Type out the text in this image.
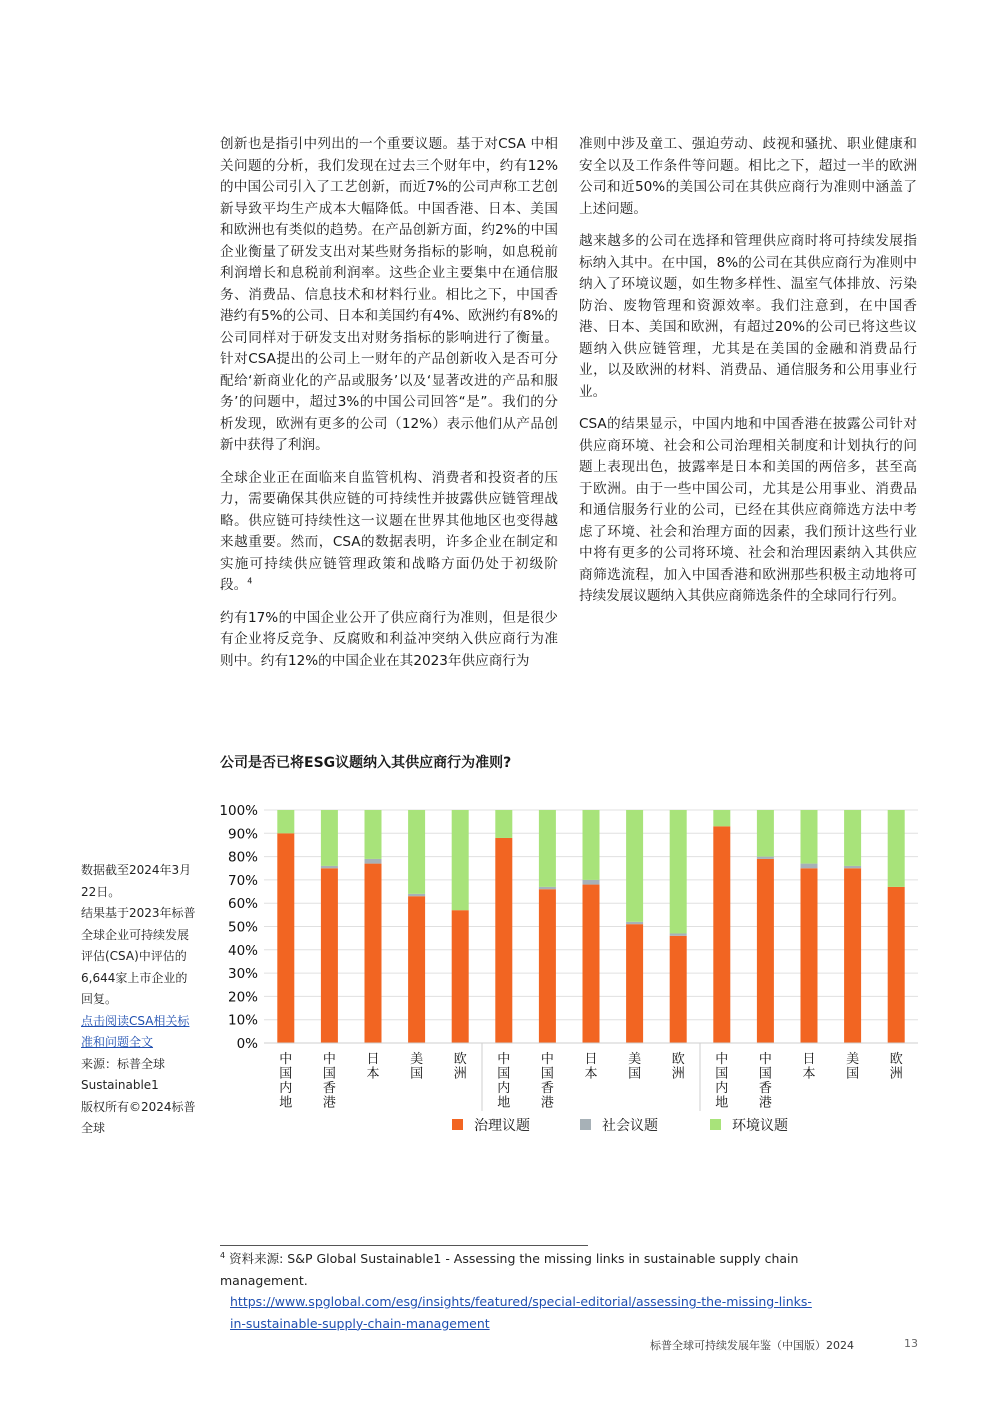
创新也是指引中列出的一个重要议题。基于对CSA 中相关问题的分析，我们发现在过去三个财年中，约有12%的中国公司引入了工艺创新，而近7%的公司声称工艺创新导致平均生产成本大幅降低。中国香港、日本、美国和欧洲也有类似的趋势。在产品创新方面，约2%的中国企业衡量了研发支出对某些财务指标的影响，如息税前利润增长和息税前利润率。这些企业主要集中在通信服务、消费品、信息技术和材料行业。相比之下，中国香港约有5%的公司、日本和美国约有4%、欧洲约有8%的公司同样对于研发支出对财务指标的影响进行了衡量。针对CSA提出的公司上一财年的产品创新收入是否可分配给‘新商业化的产品或服务’以及‘显著改进的产品和服务’的问题中，超过3%的中国公司回答“是”。我们的分析发现，欧洲有更多的公司（12%）表示他们从产品创新中获得了利润。

全球企业正在面临来自监管机构、消费者和投资者的压力，需要确保其供应链的可持续性并披露供应链管理战略。供应链可持续性这一议题在世界其他地区也变得越来越重要。然而，CSA的数据表明，许多企业在制定和实施可持续供应链管理政策和战略方面仍处于初级阶段。$^4$

约有17%的中国企业公开了供应商行为准则，但是很少有企业将反竞争、反腐败和利益冲突纳入供应商行为准则中。约有12%的中国企业在其2023年供应商行为

准则中涉及童工、强迫劳动、歧视和骚扰、职业健康和安全以及工作条件等问题。相比之下，超过一半的欧洲公司和近50%的美国公司在其供应商行为准则中涵盖了上述问题。

越来越多的公司在选择和管理供应商时将可持续发展指标纳入其中。在中国，8%的公司在其供应商行为准则中纳入了环境议题，如生物多样性、温室气体排放、污染防治、废物管理和资源效率。我们注意到，在中国香港、日本、美国和欧洲，有超过20%的公司已将这些议题纳入供应链管理，尤其是在美国的金融和消费品行业，以及欧洲的材料、消费品、通信服务和公用事业行业。

CSA的结果显示，中国内地和中国香港在披露公司针对供应商环境、社会和公司治理相关制度和计划执行的问题上表现出色，披露率是日本和美国的两倍多，甚至高于欧洲。由于一些中国公司，尤其是公用事业、消费品和通信服务行业的公司，已经在其供应商筛选方法中考虑了环境、社会和治理方面的因素，我们预计这些行业中将有更多的公司将环境、社会和治理因素纳入其供应商筛选流程，加入中国香港和欧洲那些积极主动地将可持续发展议题纳入其供应商筛选条件的全球同行行列。

公司是否已将ESG议题纳入其供应商行为准则?
0%
10%
20%
30%
40%
50%
60%
70%
80%
90%
100%
中
国
内
地
中
国
香
港
日
本
美
国
欧
洲
中
国
内
地
中
国
香
港
日
本
美
国
欧
洲
中
国
内
地
中
国
香
港
日
本
美
国
欧
洲
治理议题	社会议题	环境议题
数据截至2024年3月22日。
结果基于2023年标普全球企业可持续发展评估(CSA)中评估的6,644家上市企业的回复。
点击阅读CSA相关标准和问题全文
来源：标普全球Sustainable1
版权所有©2024标普全球
$^4$ 资料来源: S&P Global Sustainable1 - Assessing the missing links in sustainable supply chain management.
https://www.spglobal.com/esg/insights/featured/special-editorial/assessing-the-missing-links-in-sustainable-supply-chain-management
标普全球可持续发展年鉴（中国版）2024	13
